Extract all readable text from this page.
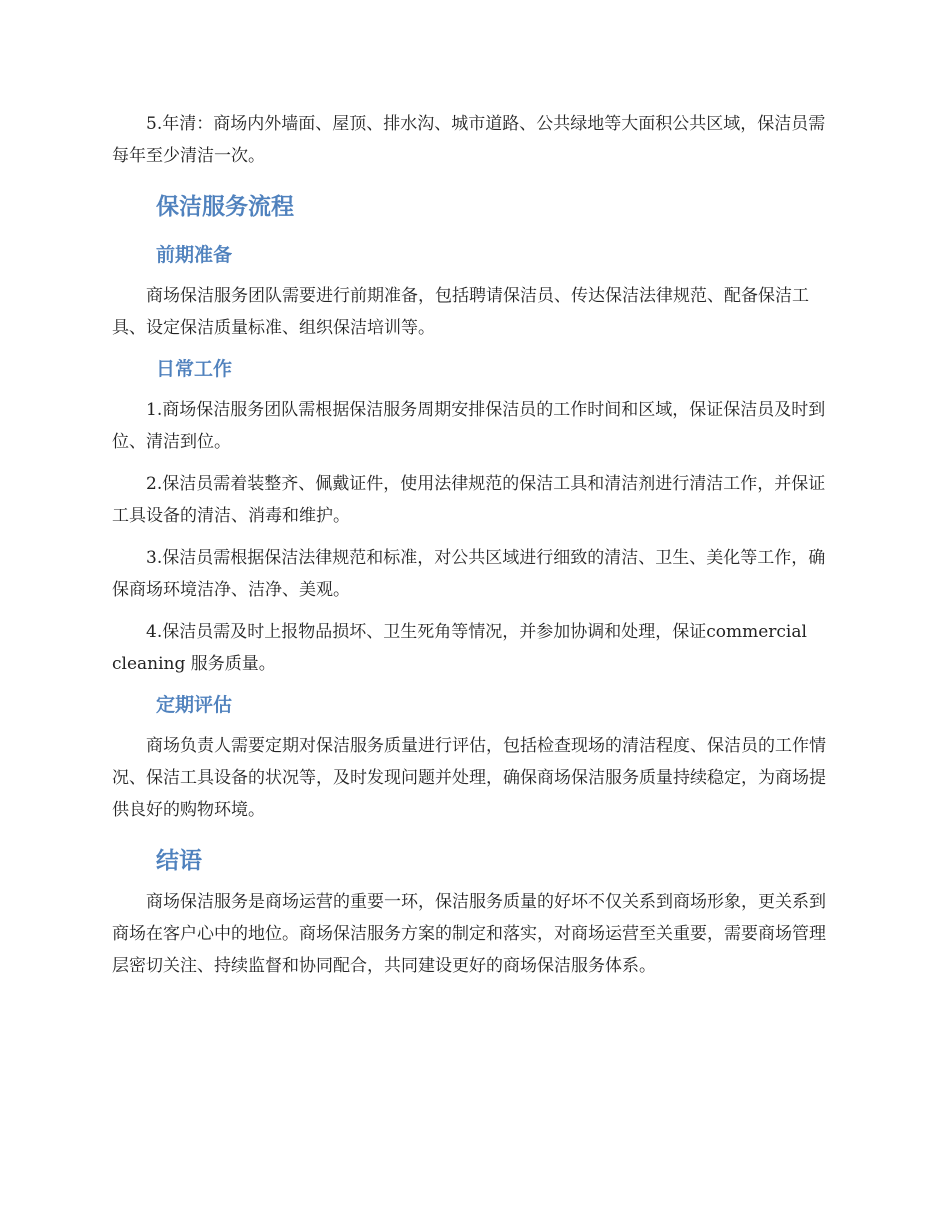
5.年清：商场内外墙面、屋顶、排水沟、城市道路、公共绿地等大面积公共区域，保洁员需每年至少清洁一次。

保洁服务流程
前期准备

商场保洁服务团队需要进行前期准备，包括聘请保洁员、传达保洁法律规范、配备保洁工具、设定保洁质量标准、组织保洁培训等。

日常工作

1.商场保洁服务团队需根据保洁服务周期安排保洁员的工作时间和区域，保证保洁员及时到位、清洁到位。

2.保洁员需着装整齐、佩戴证件，使用法律规范的保洁工具和清洁剂进行清洁工作，并保证工具设备的清洁、消毒和维护。

3.保洁员需根据保洁法律规范和标准，对公共区域进行细致的清洁、卫生、美化等工作，确保商场环境洁净、洁净、美观。

4.保洁员需及时上报物品损坏、卫生死角等情况，并参加协调和处理，保证commercial cleaning 服务质量。

定期评估

商场负责人需要定期对保洁服务质量进行评估，包括检查现场的清洁程度、保洁员的工作情况、保洁工具设备的状况等，及时发现问题并处理，确保商场保洁服务质量持续稳定，为商场提供良好的购物环境。

结语

商场保洁服务是商场运营的重要一环，保洁服务质量的好坏不仅关系到商场形象，更关系到商场在客户心中的地位。商场保洁服务方案的制定和落实，对商场运营至关重要，需要商场管理层密切关注、持续监督和协同配合，共同建设更好的商场保洁服务体系。
